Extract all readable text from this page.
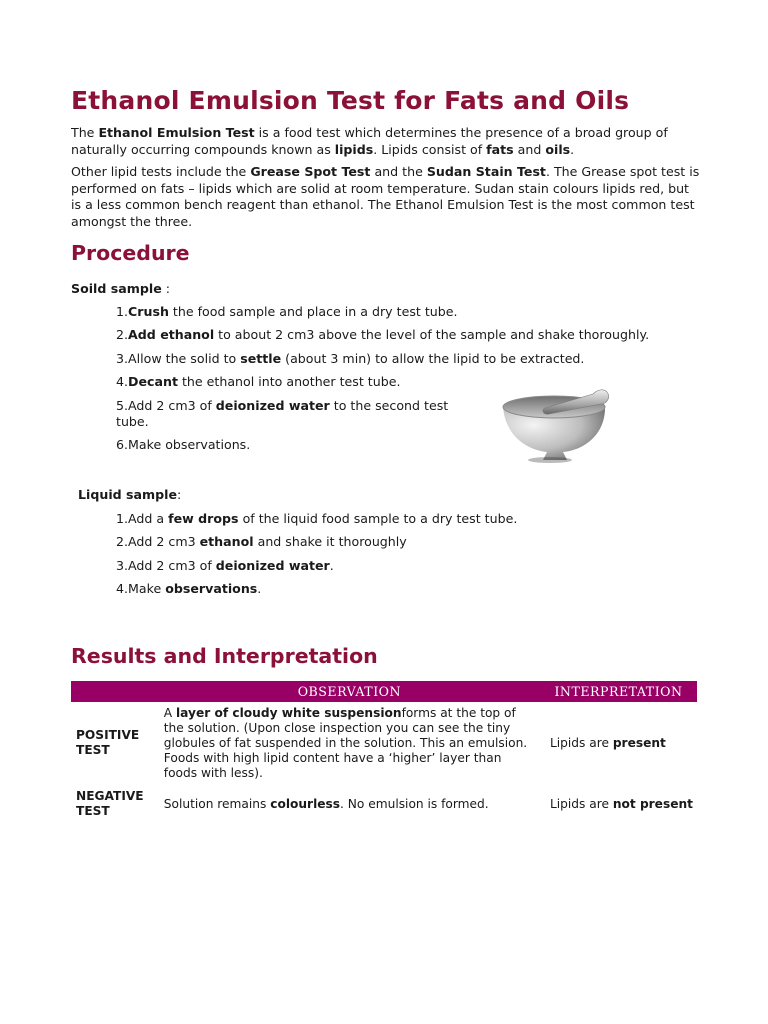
Ethanol Emulsion Test for Fats and Oils

The Ethanol Emulsion Test is a food test which determines the presence of a broad group of naturally occurring compounds known as lipids. Lipids consist of fats and oils.

Other lipid tests include the Grease Spot Test and the Sudan Stain Test. The Grease spot test is performed on fats – lipids which are solid at room temperature. Sudan stain colours lipids red, but is a less common bench reagent than ethanol. The Ethanol Emulsion Test is the most common test amongst the three.

Procedure

Soild sample :

1.Crush the food sample and place in a dry test tube.

2.Add ethanol to about 2 cm3 above the level of the sample and shake thoroughly.

3.Allow the solid to settle (about 3 min) to allow the lipid to be extracted.

4.Decant the ethanol into another test tube.

5.Add 2 cm3 of deionized water to the second test tube.

6.Make observations.

Liquid sample:

1.Add a few drops of the liquid food sample to a dry test tube.

2.Add 2 cm3 ethanol and shake it thoroughly

3.Add 2 cm3 of deionized water.

4.Make observations.

Results and Interpretation
	OBSERVATION	INTERPRETATION
POSITIVE TEST	A layer of cloudy white suspensionforms at the top of the solution. (Upon close inspection you can see the tiny globules of fat suspended in the solution. This an emulsion. Foods with high lipid content have a ‘higher’ layer than foods with less).	Lipids are present
NEGATIVE TEST	Solution remains colourless. No emulsion is formed.	Lipids are not present
